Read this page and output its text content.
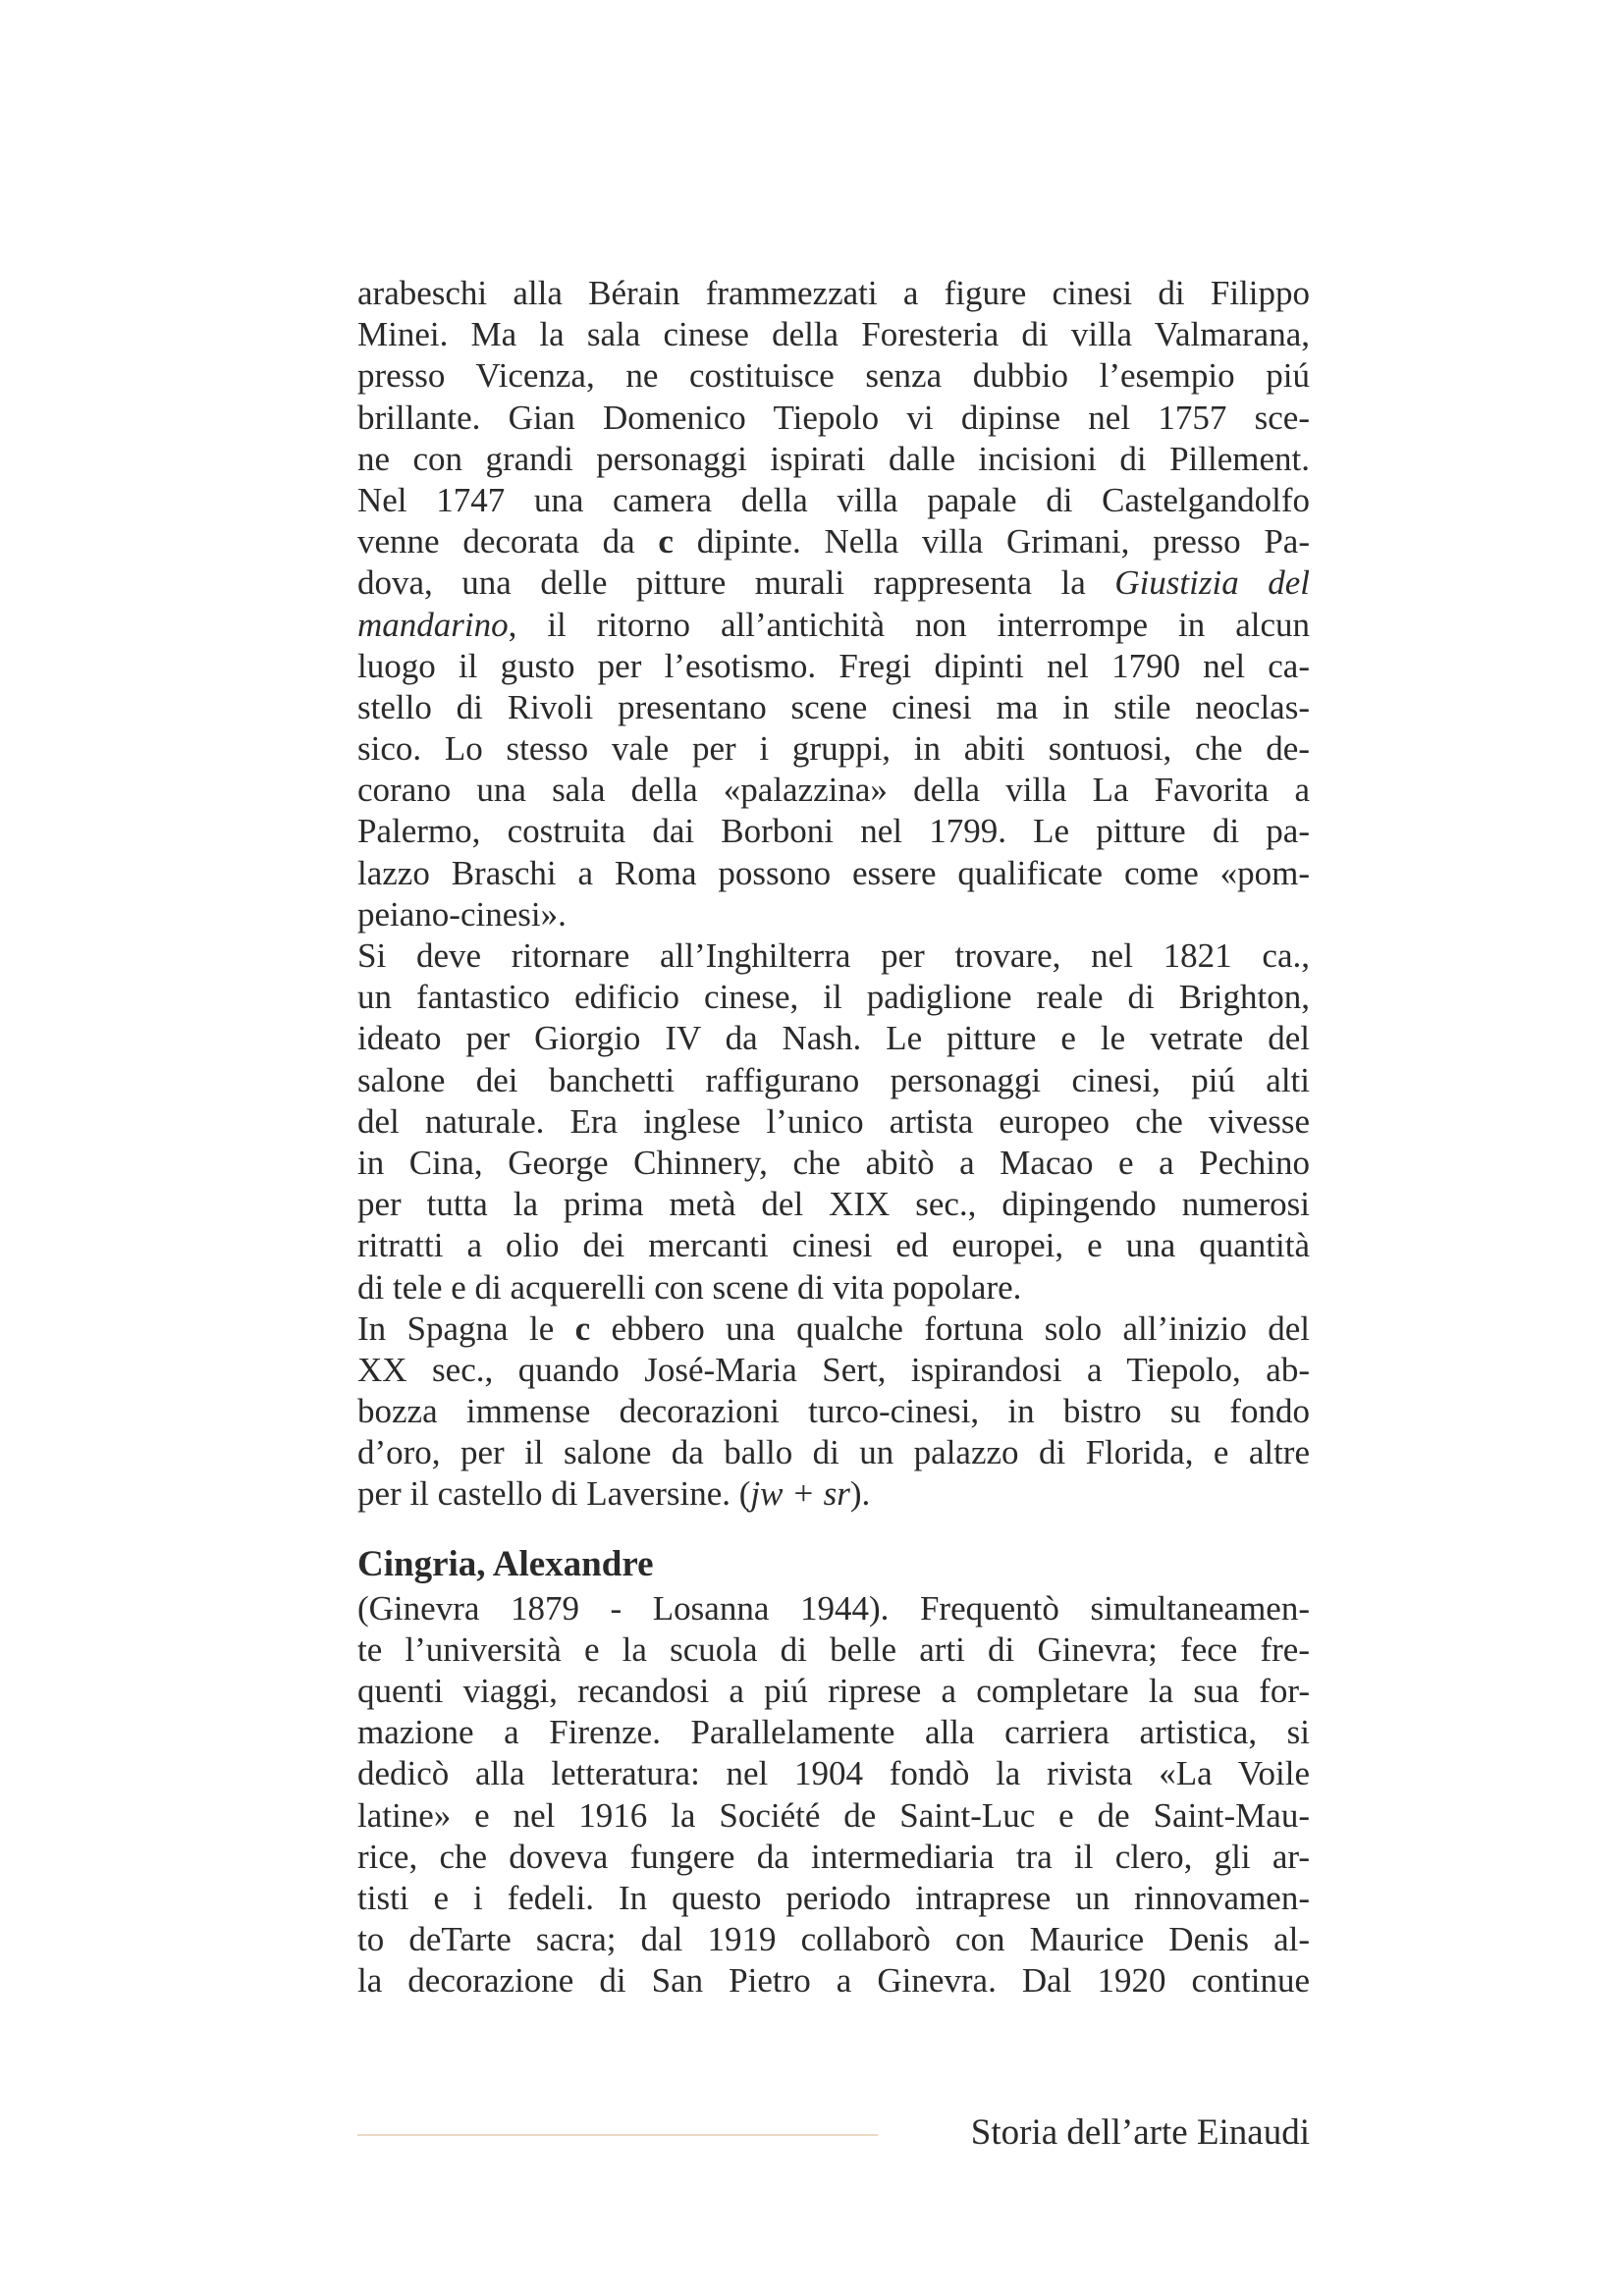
arabeschi alla Bérain frammezzati a figure cinesi di Filippo
Minei. Ma la sala cinese della Foresteria di villa Valmarana,
presso Vicenza, ne costituisce senza dubbio l’esempio piú
brillante. Gian Domenico Tiepolo vi dipinse nel 1757 sce-
ne con grandi personaggi ispirati dalle incisioni di Pillement.
Nel 1747 una camera della villa papale di Castelgandolfo
venne decorata da c dipinte. Nella villa Grimani, presso Pa-
dova, una delle pitture murali rappresenta la Giustizia del
mandarino, il ritorno all’antichità non interrompe in alcun
luogo il gusto per l’esotismo. Fregi dipinti nel 1790 nel ca-
stello di Rivoli presentano scene cinesi ma in stile neoclas-
sico. Lo stesso vale per i gruppi, in abiti sontuosi, che de-
corano una sala della «palazzina» della villa La Favorita a
Palermo, costruita dai Borboni nel 1799. Le pitture di pa-
lazzo Braschi a Roma possono essere qualificate come «pom-
peiano-cinesi».
Si deve ritornare all’Inghilterra per trovare, nel 1821 ca.,
un fantastico edificio cinese, il padiglione reale di Brighton,
ideato per Giorgio IV da Nash. Le pitture e le vetrate del
salone dei banchetti raffigurano personaggi cinesi, piú alti
del naturale. Era inglese l’unico artista europeo che vivesse
in Cina, George Chinnery, che abitò a Macao e a Pechino
per tutta la prima metà del XIX sec., dipingendo numerosi
ritratti a olio dei mercanti cinesi ed europei, e una quantità
di tele e di acquerelli con scene di vita popolare.
In Spagna le c ebbero una qualche fortuna solo all’inizio del
XX sec., quando José-Maria Sert, ispirandosi a Tiepolo, ab-
bozza immense decorazioni turco-cinesi, in bistro su fondo
d’oro, per il salone da ballo di un palazzo di Florida, e altre
per il castello di Laversine. (jw + sr).
Cingria, Alexandre
(Ginevra 1879 - Losanna 1944). Frequentò simultaneamen-
te l’università e la scuola di belle arti di Ginevra; fece fre-
quenti viaggi, recandosi a piú riprese a completare la sua for-
mazione a Firenze. Parallelamente alla carriera artistica, si
dedicò alla letteratura: nel 1904 fondò la rivista «La Voile
latine» e nel 1916 la Société de Saint-Luc e de Saint-Mau-
rice, che doveva fungere da intermediaria tra il clero, gli ar-
tisti e i fedeli. In questo periodo intraprese un rinnovamen-
to deTarte sacra; dal 1919 collaborò con Maurice Denis al-
la decorazione di San Pietro a Ginevra. Dal 1920 continue
Storia dell’arte Einaudi
